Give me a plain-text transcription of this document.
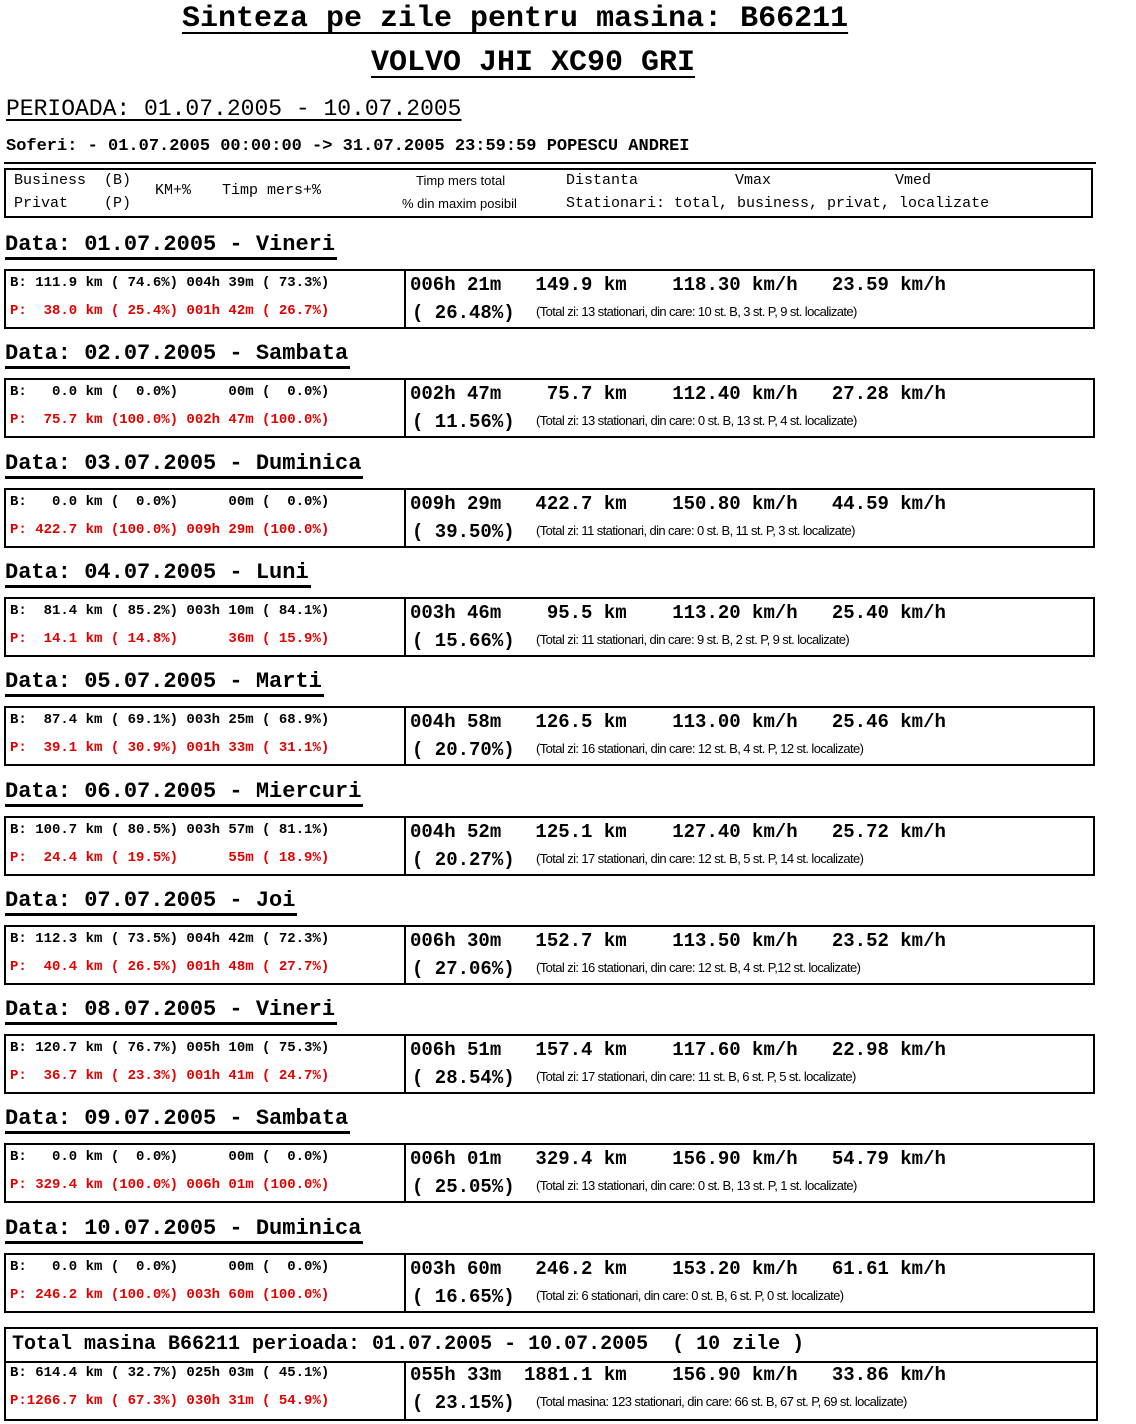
Sinteza pe zile pentru masina: B66211
VOLVO JHI XC90 GRI
PERIOADA: 01.07.2005 - 10.07.2005
Soferi: - 01.07.2005 00:00:00 -> 31.07.2005 23:59:59 POPESCU ANDREI
Business  (B)
Privat    (P)
KM+% Timp mers+%
Timp mers total
% din maxim posibil
Distanta	Vmax	Vmed
Stationari: total, business, privat, localizate
Data: 01.07.2005 - Vineri
B: 111.9 km ( 74.6%) 004h 39m ( 73.3%)
P:  38.0 km ( 25.4%) 001h 42m ( 26.7%)
006h 21m   149.9 km    118.30 km/h   23.59 km/h
( 26.48%) (Total zi: 13 stationari, din care: 10 st. B, 3 st. P, 9 st. localizate)
Data: 02.07.2005 - Sambata
B:   0.0 km (  0.0%)      00m (  0.0%)
P:  75.7 km (100.0%) 002h 47m (100.0%)
002h 47m    75.7 km    112.40 km/h   27.28 km/h
( 11.56%) (Total zi: 13 stationari, din care: 0 st. B, 13 st. P, 4 st. localizate)
Data: 03.07.2005 - Duminica
B:   0.0 km (  0.0%)      00m (  0.0%)
P: 422.7 km (100.0%) 009h 29m (100.0%)
009h 29m   422.7 km    150.80 km/h   44.59 km/h
( 39.50%) (Total zi: 11 stationari, din care: 0 st. B, 11 st. P, 3 st. localizate)
Data: 04.07.2005 - Luni
B:  81.4 km ( 85.2%) 003h 10m ( 84.1%)
P:  14.1 km ( 14.8%)      36m ( 15.9%)
003h 46m    95.5 km    113.20 km/h   25.40 km/h
( 15.66%) (Total zi: 11 stationari, din care: 9 st. B, 2 st. P, 9 st. localizate)
Data: 05.07.2005 - Marti
B:  87.4 km ( 69.1%) 003h 25m ( 68.9%)
P:  39.1 km ( 30.9%) 001h 33m ( 31.1%)
004h 58m   126.5 km    113.00 km/h   25.46 km/h
( 20.70%) (Total zi: 16 stationari, din care: 12 st. B, 4 st. P, 12 st. localizate)
Data: 06.07.2005 - Miercuri
B: 100.7 km ( 80.5%) 003h 57m ( 81.1%)
P:  24.4 km ( 19.5%)      55m ( 18.9%)
004h 52m   125.1 km    127.40 km/h   25.72 km/h
( 20.27%) (Total zi: 17 stationari, din care: 12 st. B, 5 st. P, 14 st. localizate)
Data: 07.07.2005 - Joi
B: 112.3 km ( 73.5%) 004h 42m ( 72.3%)
P:  40.4 km ( 26.5%) 001h 48m ( 27.7%)
006h 30m   152.7 km    113.50 km/h   23.52 km/h
( 27.06%) (Total zi: 16 stationari, din care: 12 st. B, 4 st. P,12 st. localizate)
Data: 08.07.2005 - Vineri
B: 120.7 km ( 76.7%) 005h 10m ( 75.3%)
P:  36.7 km ( 23.3%) 001h 41m ( 24.7%)
006h 51m   157.4 km    117.60 km/h   22.98 km/h
( 28.54%) (Total zi: 17 stationari, din care: 11 st. B, 6 st. P, 5 st. localizate)
Data: 09.07.2005 - Sambata
B:   0.0 km (  0.0%)      00m (  0.0%)
P: 329.4 km (100.0%) 006h 01m (100.0%)
006h 01m   329.4 km    156.90 km/h   54.79 km/h
( 25.05%) (Total zi: 13 stationari, din care: 0 st. B, 13 st. P, 1 st. localizate)
Data: 10.07.2005 - Duminica
B:   0.0 km (  0.0%)      00m (  0.0%)
P: 246.2 km (100.0%) 003h 60m (100.0%)
003h 60m   246.2 km    153.20 km/h   61.61 km/h
( 16.65%) (Total zi: 6 stationari, din care: 0 st. B, 6 st. P, 0 st. localizate)
Total masina B66211 perioada: 01.07.2005 - 10.07.2005  ( 10 zile )
B: 614.4 km ( 32.7%) 025h 03m ( 45.1%)
P:1266.7 km ( 67.3%) 030h 31m ( 54.9%)
055h 33m  1881.1 km    156.90 km/h   33.86 km/h
( 23.15%) (Total masina: 123 stationari, din care: 66 st. B, 67 st. P, 69 st. localizate)
